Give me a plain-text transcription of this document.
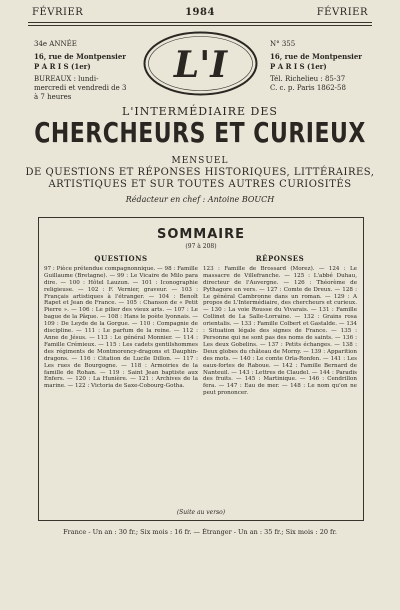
FÉVRIER	1984	FÉVRIER
34e ANNÉE
16, rue de Montpensier
P A R I S (1er)
BUREAUX : lundi-mercredi et vendredi de 3 à 7 heures
L'I	N° 355
16, rue de Montpensier
P A R I S (1er)
Tél. Richelieu : 85-37
C. c. p. Paris 1862-58
L'INTERMÉDIAIRE DES
CHERCHEURS ET CURIEUX
MENSUEL
DE QUESTIONS ET RÉPONSES HISTORIQUES, LITTÉRAIRES,
ARTISTIQUES ET SUR TOUTES AUTRES CURIOSITÉS
Rédacteur en chef : Antoine BOUCH
SOMMAIRE
(97 à 208)
QUESTIONS

97 : Pièce prétendue compagnonnique. — 98 : Famille Guillaume (Bretagne). — 99 : Le Vicaire de Milo para dire. — 100 : Hôtel Lauzun. — 101 : Iconographie religieuse. — 102 : F. Vernier, graveur. — 103 : Français artistiques à l'étranger. — 104 : Benoît Rapet et Jean de France. — 105 : Chanson de « Petit Pierre ». — 106 : Le pilier des vieux arts. — 107 : Le bague de la Pâque. — 108 : Hans le poète lyonnais. — 109 : De Leyde de la Gorgue. — 110 : Compagnie de discipline. — 111 : Le parfum de la reine. — 112 : Anne de Jésus. — 113 : Le général Monnier. — 114 : Famille Crémieux. — 115 : Les cadets gentilshommes des régiments de Montmorency-dragons et Dauphin-dragons. — 116 : Citation de Lucile Dillon. — 117 : Les rues de Bourgogne. — 118 : Armoiries de la famille de Rohan. — 119 : Saint Jean baptiste aux Enfers. — 120 : La Hunière. — 121 : Archives de la marine. — 122 : Victoria de Saxe-Cobourg-Gotha.

RÉPONSES

123 : Famille de Brossard (Morez). — 124 : Le massacre de Villefranche. — 125 : L'abbé Duhau, directeur de l'Auvergne. — 126 : Théorème de Pythagore en vers. — 127 : Comte de Dreux. — 128 : Le général Cambronne dans un roman. — 129 : A propos de L'Intermédiaire, des chercheurs et curieux. — 130 : La voie Rousse du Vivarais. — 131 : Famille Collinet de La Salle-Lorraine. — 132 : Grains rosa orientalis. — 133 : Famille Colbert et Gastalde. — 134 : Situation légale des signes de France. — 135 : Personne qui ne sont pas des noms de saints. — 136 : Les deux Gobelins. — 137 : Petits échanges. — 138 : Deux globes du château de Morny. — 139 : Apparition des mots. — 140 : Le comte Orla-Ronfen. — 141 : Les eaux-fortes de Raboue. — 142 : Famille Bernard de Nanteuil. — 143 : Lettres de Claudel. — 144 : Paradis des fruits. — 145 : Martinique. — 146 : Cendrillon fera. — 147 : Eau de mer. — 148 : Le nom qu'on ne peut prononcer.

(Suite au verso)
France - Un an : 30 fr.; Six mois : 16 fr. — Étranger - Un an : 35 fr.; Six mois : 20 fr.
